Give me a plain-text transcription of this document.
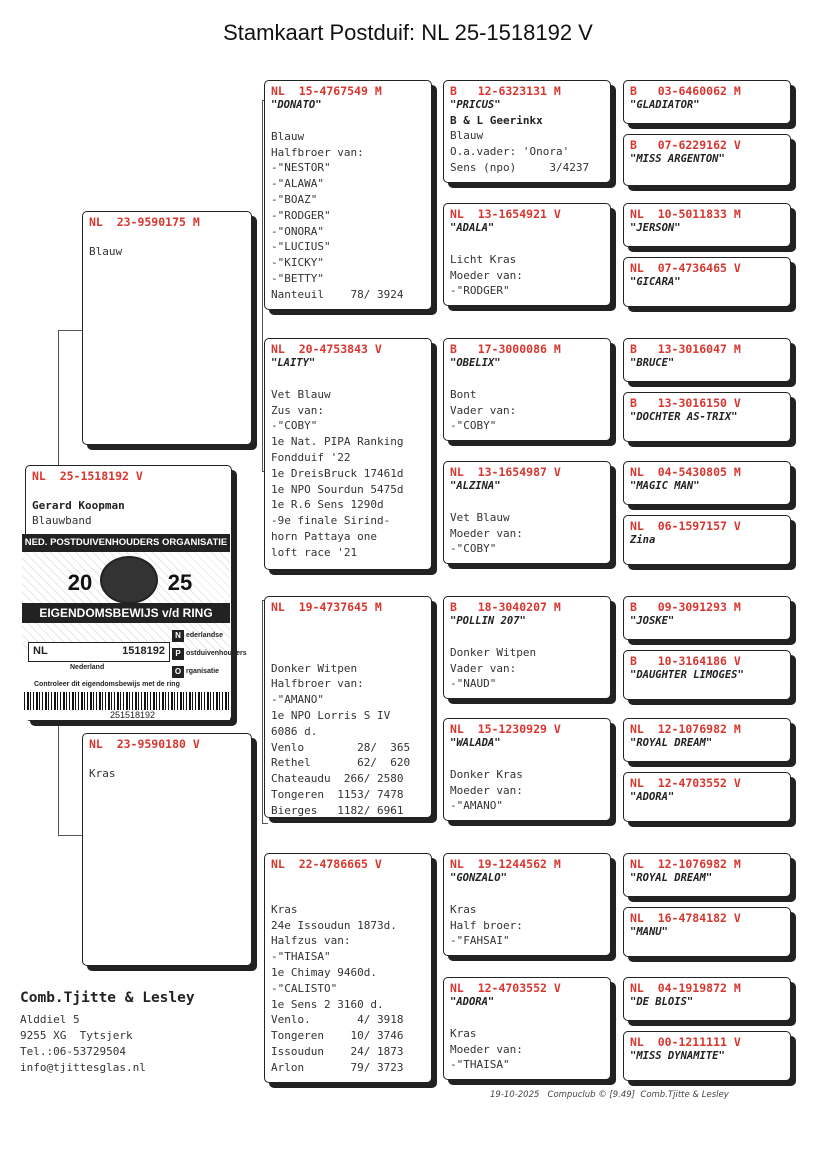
Stamkaart Postduif: NL 25-1518192 V
NL  25-1518192 V
Gerard Koopman
Blauwband
NED. POSTDUIVENHOUDERS ORGANISATIE
20	25
EIGENDOMSBEWIJS v/d RING
NL	1518192
N ederlandse
P ostduivenhouders
O rganisatie
Nederland
Controleer dit eigendomsbewijs met de ring
251518192
NL  23-9590175 M
Blauw
NL  23-9590180 V
Kras
NL  15-4767549 M
"DONATO"
Blauw
Halfbroer van:
-"NESTOR"
-"ALAWA"
-"BOAZ"
-"RODGER"
-"ONORA"
-"LUCIUS"
-"KICKY"
-"BETTY"
Nanteuil    78/ 3924
NL  20-4753843 V
"LAITY"
Vet Blauw
Zus van:
-"COBY"
1e Nat. PIPA Ranking
Fondduif '22
1e DreisBruck 17461d
1e NPO Sourdun 5475d
1e R.6 Sens 1290d
-9e finale Sirind-
horn Pattaya one
loft race '21
NL  19-4737645 M
Donker Witpen
Halfbroer van:
-"AMANO"
1e NPO Lorris S IV
6086 d.
Venlo        28/  365
Rethel       62/  620
Chateaudu  266/ 2580
Tongeren  1153/ 7478
Bierges   1182/ 6961
NL  22-4786665 V
Kras
24e Issoudun 1873d.
Halfzus van:
-"THAISA"
1e Chimay 9460d.
-"CALISTO"
1e Sens 2 3160 d.
Venlo.       4/ 3918
Tongeren    10/ 3746
Issoudun    24/ 1873
Arlon       79/ 3723
B   12-6323131 M
"PRICUS"
B & L Geerinkx
Blauw
O.a.vader: 'Onora'
Sens (npo)     3/4237
NL  13-1654921 V
"ADALA"
Licht Kras
Moeder van:
-"RODGER"
B   17-3000086 M
"OBELIX"
Bont
Vader van:
-"COBY"
NL  13-1654987 V
"ALZINA"
Vet Blauw
Moeder van:
-"COBY"
B   18-3040207 M
"POLLIN 207"
Donker Witpen
Vader van:
-"NAUD"
NL  15-1230929 V
"WALADA"
Donker Kras
Moeder van:
-"AMANO"
NL  19-1244562 M
"GONZALO"
Kras
Half broer:
-"FAHSAI"
NL  12-4703552 V
"ADORA"
Kras
Moeder van:
-"THAISA"
B   03-6460062 M
"GLADIATOR"
B   07-6229162 V
"MISS ARGENTON"
NL  10-5011833 M
"JERSON"
NL  07-4736465 V
"GICARA"
B   13-3016047 M
"BRUCE"
B   13-3016150 V
"DOCHTER AS-TRIX"
NL  04-5430805 M
"MAGIC MAN"
NL  06-1597157 V
Zina
B   09-3091293 M
"JOSKE"
B   10-3164186 V
"DAUGHTER LIMOGES"
NL  12-1076982 M
"ROYAL DREAM"
NL  12-4703552 V
"ADORA"
NL  12-1076982 M
"ROYAL DREAM"
NL  16-4784182 V
"MANU"
NL  04-1919872 M
"DE BLOIS"
NL  00-1211111 V
"MISS DYNAMITE"
Comb.Tjitte & Lesley
Alddiel 5
9255 XG  Tytsjerk
Tel.:06-53729504
info@tjittesglas.nl
19-10-2025   Compuclub © [9.49]  Comb.Tjitte & Lesley
